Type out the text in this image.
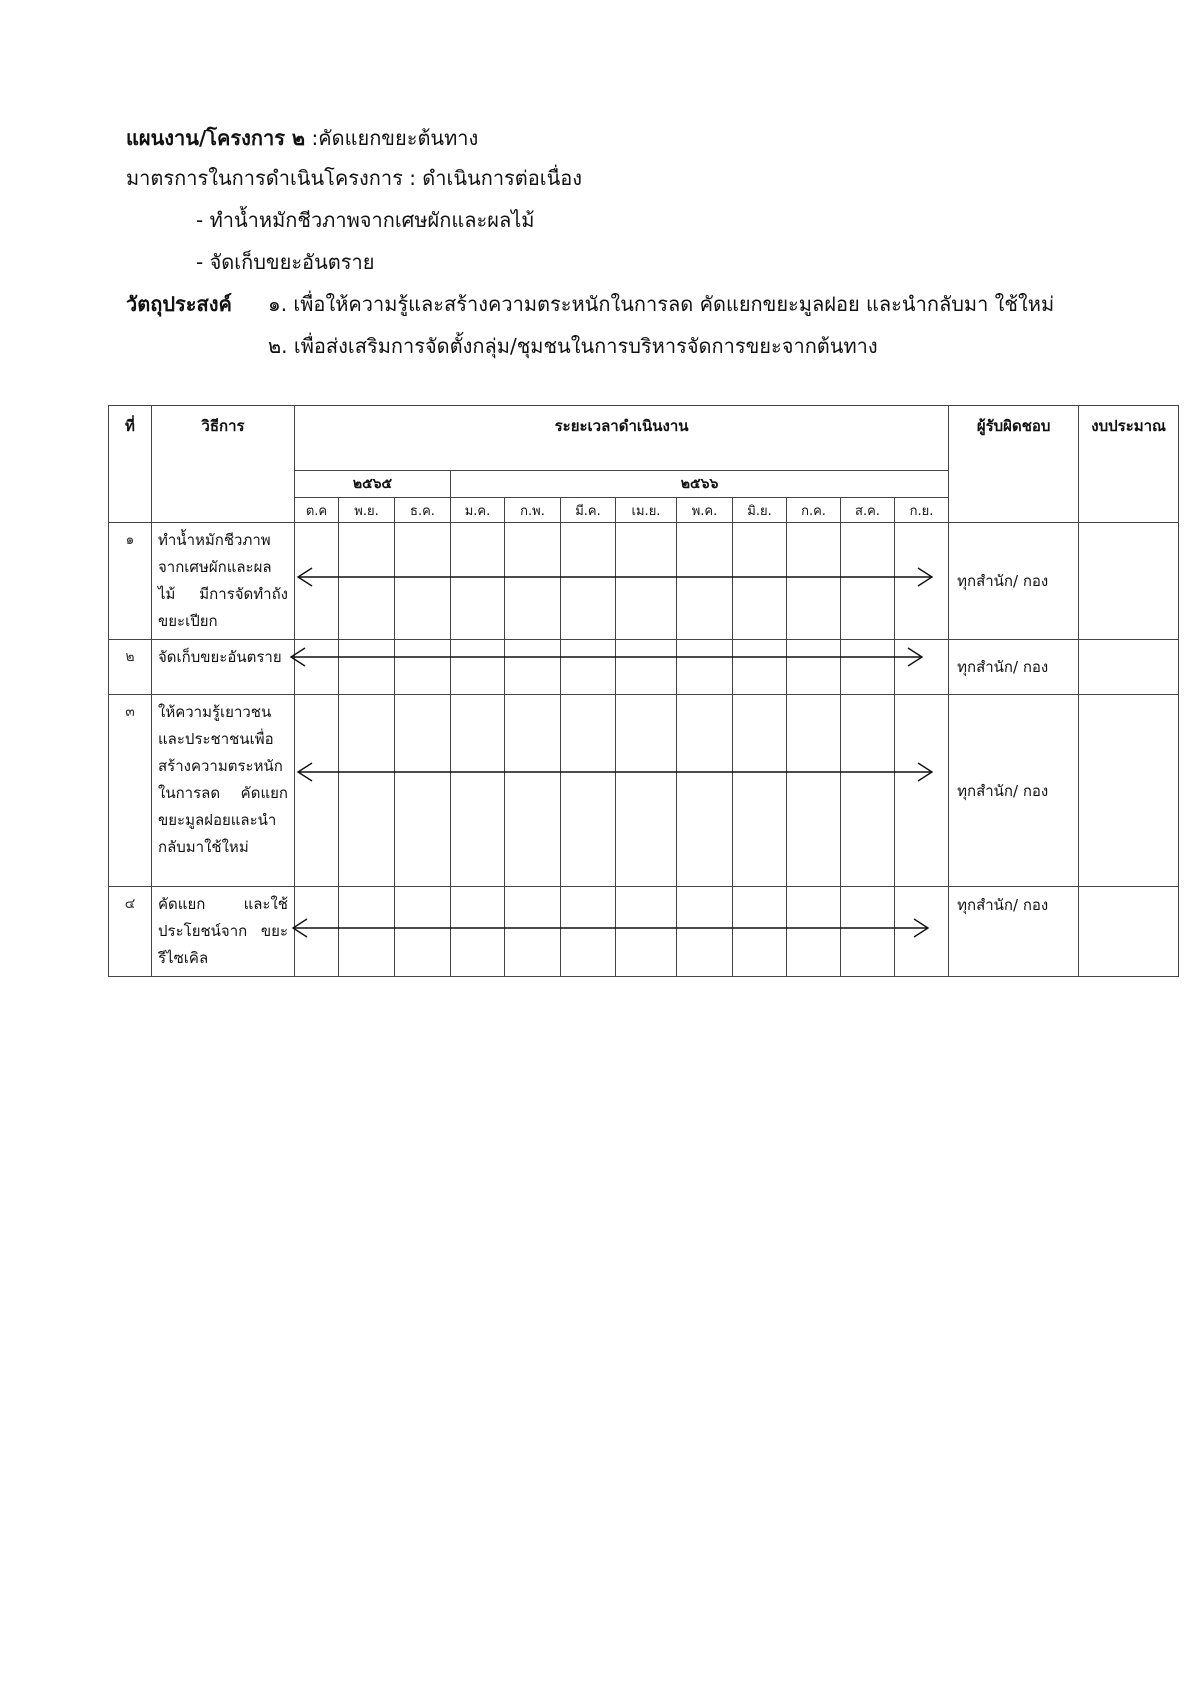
แผนงาน/โครงการ ๒ :คัดแยกขยะต้นทาง
มาตรการในการดำเนินโครงการ : ดำเนินการต่อเนื่อง
- ทำน้ำหมักชีวภาพจากเศษผักและผลไม้
- จัดเก็บขยะอันตราย
วัตถุประสงค์ ๑. เพื่อให้ความรู้และสร้างความตระหนักในการลด คัดแยกขยะมูลฝอย และนำกลับมา ใช้ใหม่
๒. เพื่อส่งเสริมการจัดตั้งกลุ่ม/ชุมชนในการบริหารจัดการขยะจากต้นทาง
ที่	วิธีการ	ระยะเวลาดำเนินงาน												ผู้รับผิดชอบ	งบประมาณ
		๒๕๖๕			๒๕๖๖										
		ต.ค	พ.ย.	ธ.ค.	ม.ค.	ก.พ.	มี.ค.	เม.ย.	พ.ค.	มิ.ย.	ก.ค.	ส.ค.	ก.ย.		
๑	ทำน้ำหมักชีวภาพจากเศษผักและผลไม้ มีการจัดทำถังขยะเปียก													ทุกสำนัก/ กอง	
๒	จัดเก็บขยะอันตราย													ทุกสำนัก/ กอง	
๓	ให้ความรู้เยาวชนและประชาชนเพื่อสร้างความตระหนักในการลด คัดแยกขยะมูลฝอยและนำกลับมาใช้ใหม่													ทุกสำนัก/ กอง	
๔	คัดแยก และใช้ประโยชน์จาก ขยะรีไซเคิล													ทุกสำนัก/ กอง	
